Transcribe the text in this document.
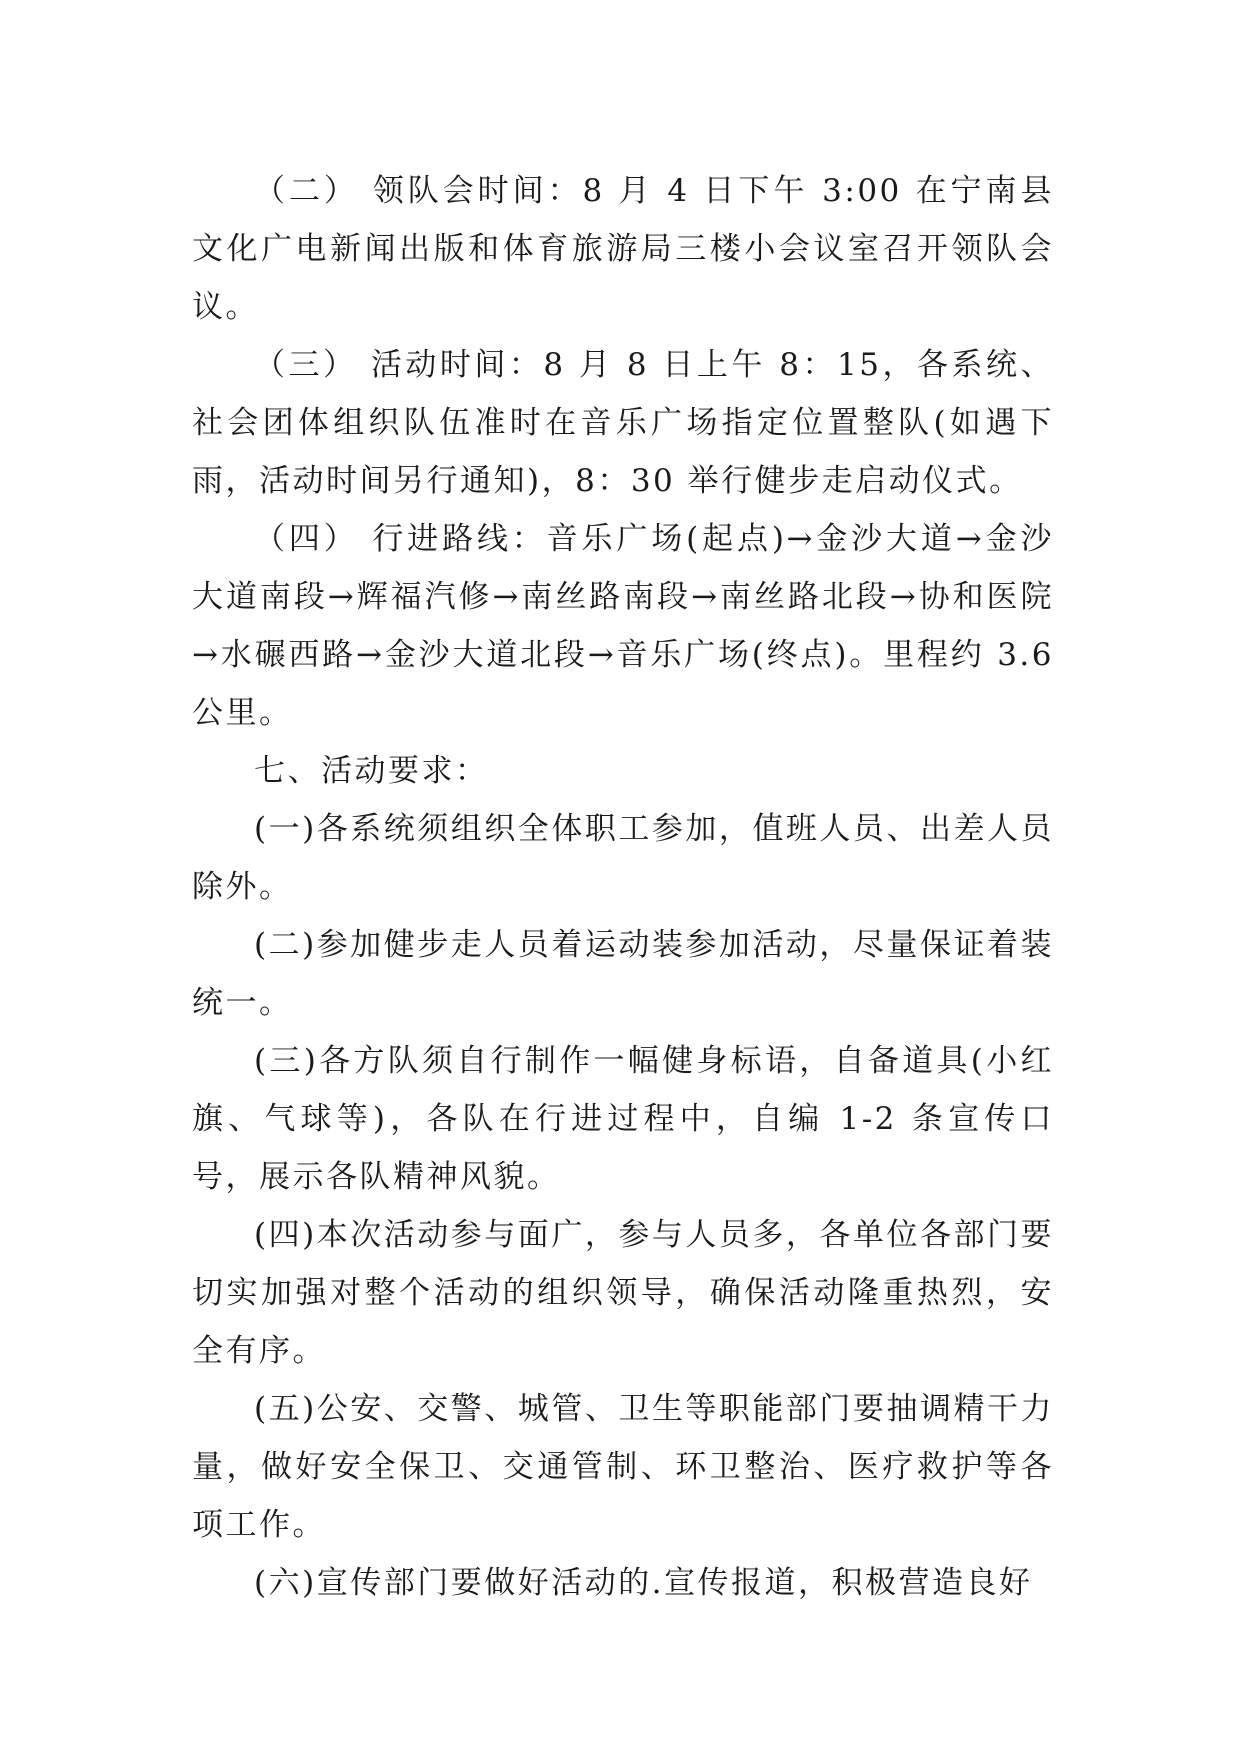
（二） 领队会时间：8 月 4 日下午 3:00 在宁南县文化广电新闻出版和体育旅游局三楼小会议室召开领队会议。

（三） 活动时间：8 月 8 日上午 8：15，各系统、社会团体组织队伍准时在音乐广场指定位置整队(如遇下雨，活动时间另行通知)，8：30 举行健步走启动仪式。

（四） 行进路线：音乐广场(起点)→金沙大道→金沙大道南段→辉福汽修→南丝路南段→南丝路北段→协和医院→水碾西路→金沙大道北段→音乐广场(终点)。里程约 3.6 公里。

七、活动要求：

(一)各系统须组织全体职工参加，值班人员、出差人员除外。

(二)参加健步走人员着运动装参加活动，尽量保证着装统一。

(三)各方队须自行制作一幅健身标语，自备道具(小红旗、气球等)，各队在行进过程中，自编 1-2 条宣传口号，展示各队精神风貌。

(四)本次活动参与面广，参与人员多，各单位各部门要切实加强对整个活动的组织领导，确保活动隆重热烈，安全有序。

(五)公安、交警、城管、卫生等职能部门要抽调精干力量，做好安全保卫、交通管制、环卫整治、医疗救护等各项工作。

(六)宣传部门要做好活动的.宣传报道，积极营造良好
